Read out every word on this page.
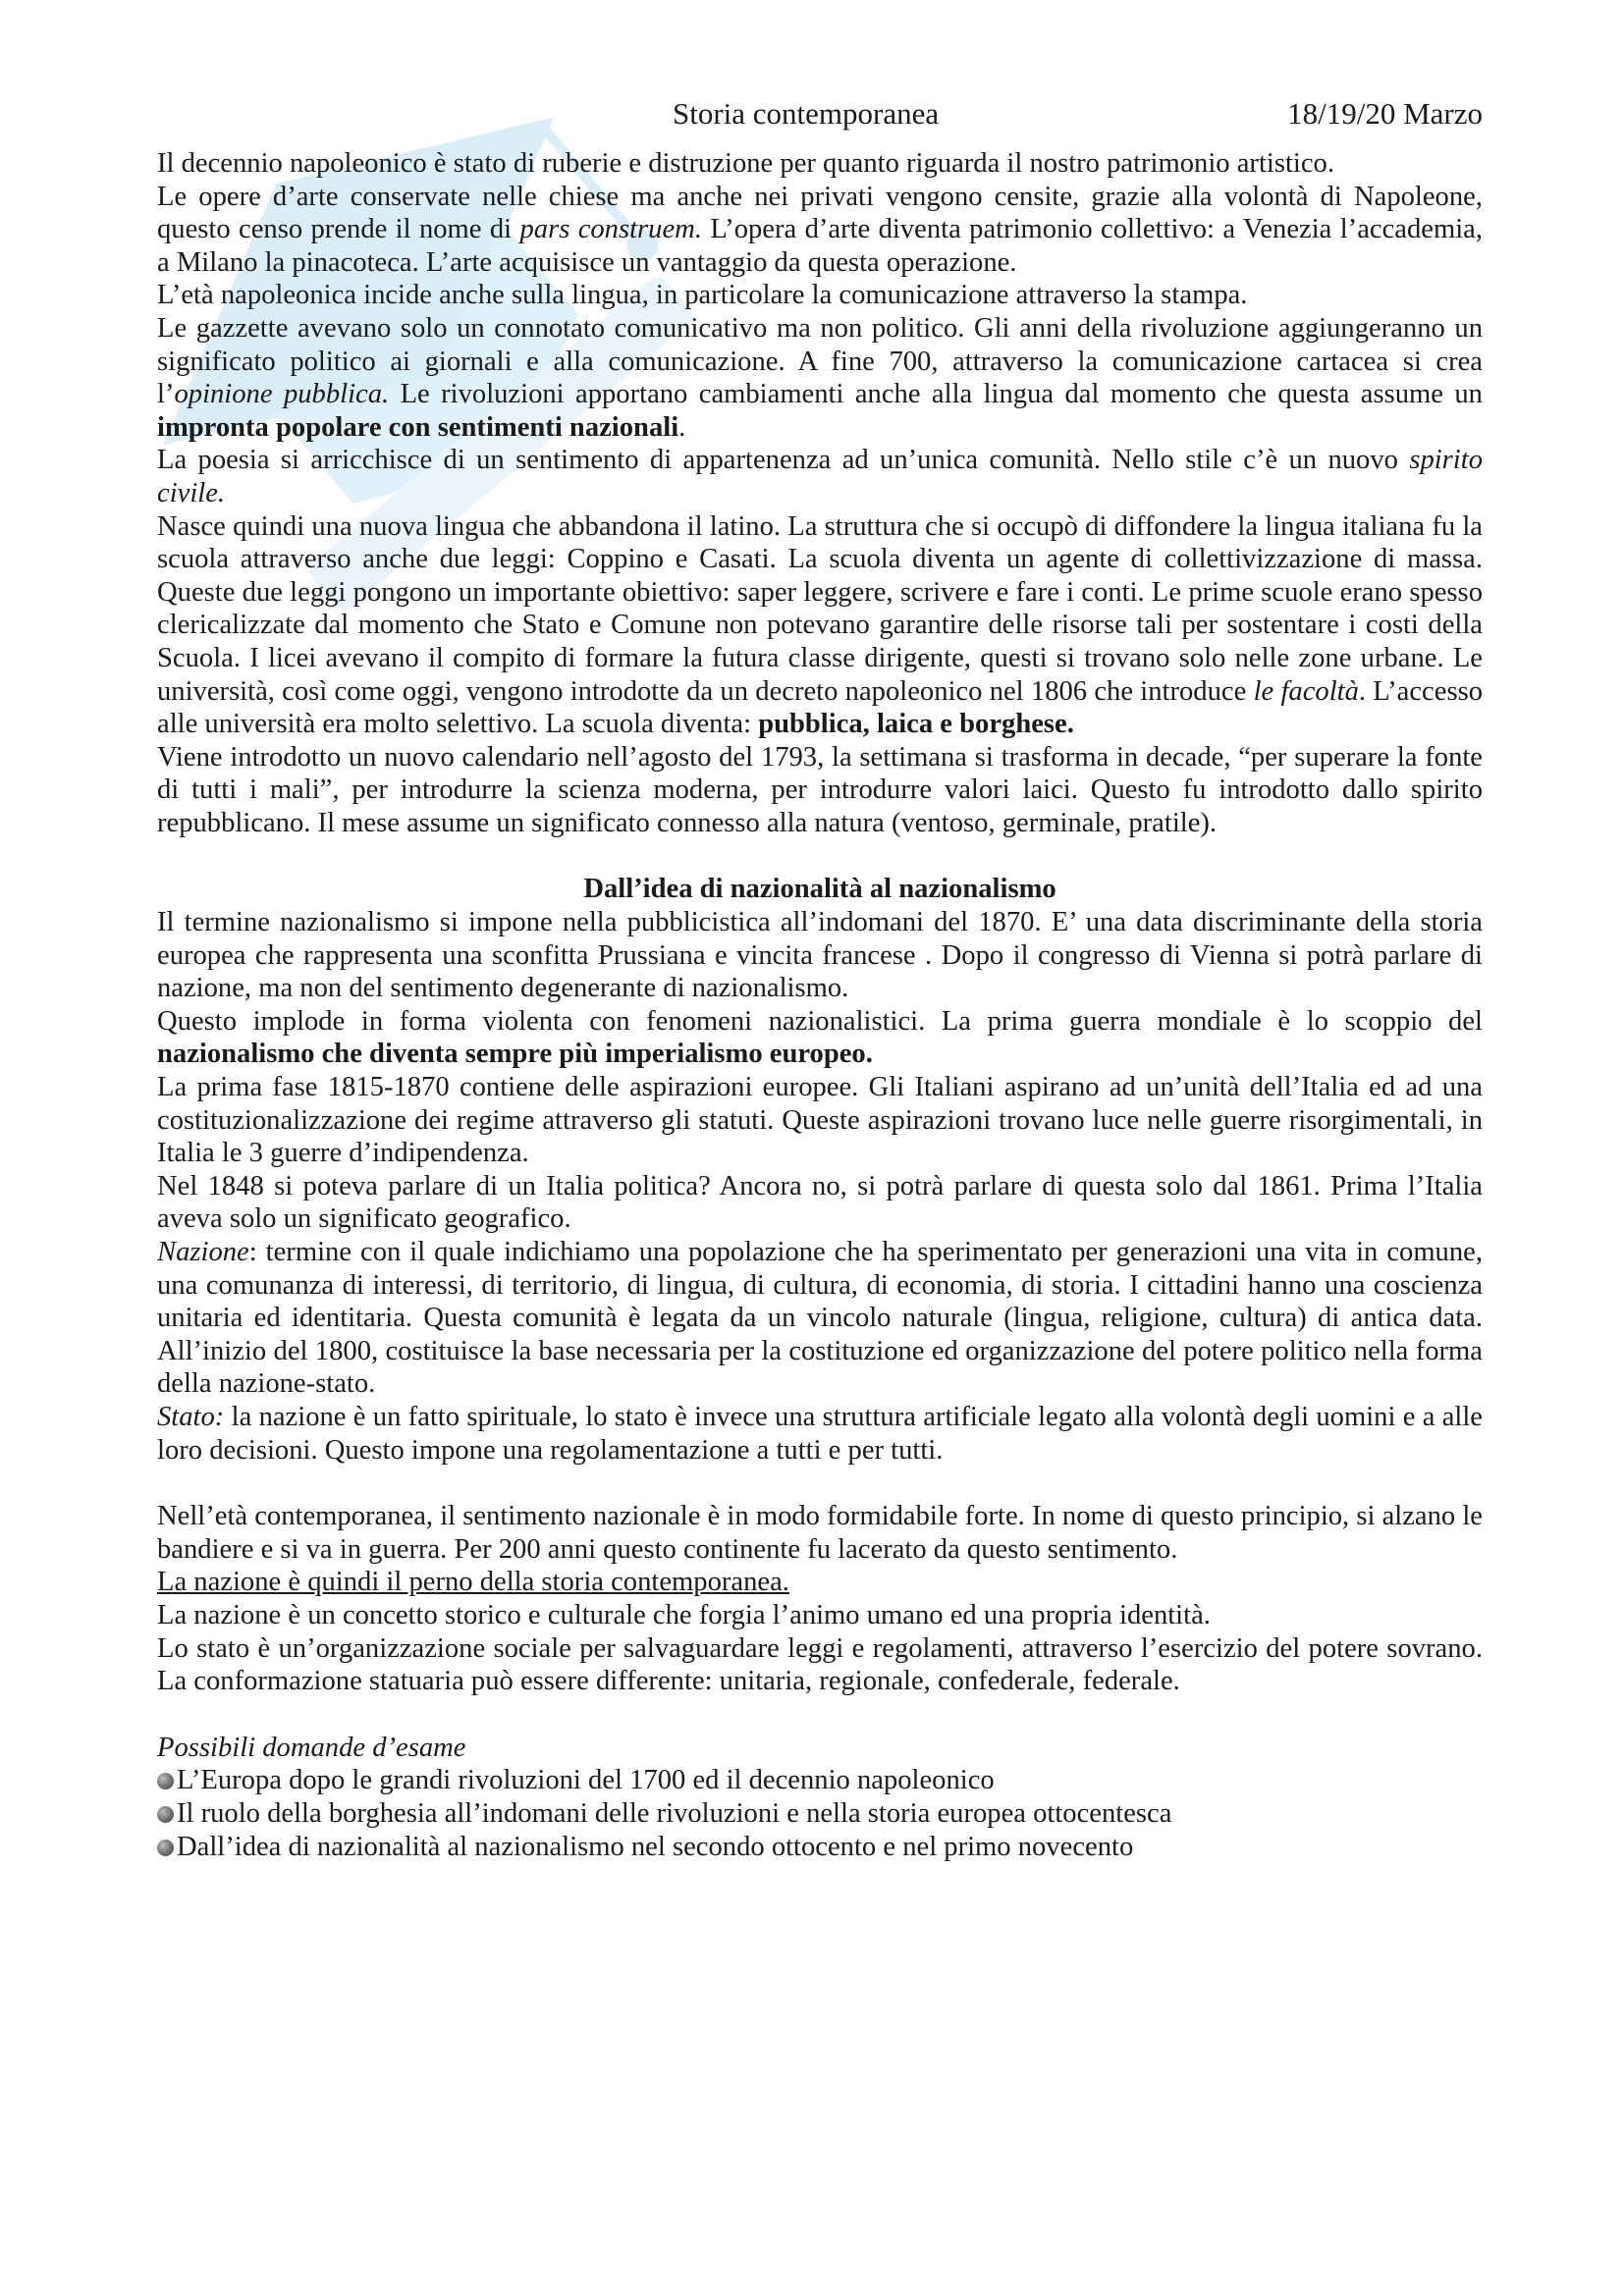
Storia contemporanea	18/19/20 Marzo

Il decennio napoleonico è stato di ruberie e distruzione per quanto riguarda il nostro patrimonio artistico.

Le opere d’arte conservate nelle chiese ma anche nei privati vengono censite, grazie alla volontà di Napoleone, questo censo prende il nome di pars construem. L’opera d’arte diventa patrimonio collettivo: a Venezia l’accademia, a Milano la pinacoteca. L’arte acquisisce un vantaggio da questa operazione.

L’età napoleonica incide anche sulla lingua, in particolare la comunicazione attraverso la stampa.

Le gazzette avevano solo un connotato comunicativo ma non politico. Gli anni della rivoluzione aggiungeranno un significato politico ai giornali e alla comunicazione. A fine 700, attraverso la comunicazione cartacea si crea l’opinione pubblica. Le rivoluzioni apportano cambiamenti anche alla lingua dal momento che questa assume un impronta popolare con sentimenti nazionali.

La poesia si arricchisce di un sentimento di appartenenza ad un’unica comunità. Nello stile c’è un nuovo spirito civile.

Nasce quindi una nuova lingua che abbandona il latino. La struttura che si occupò di diffondere la lingua italiana fu la scuola attraverso anche due leggi: Coppino e Casati. La scuola diventa un agente di collettivizzazione di massa. Queste due leggi pongono un importante obiettivo: saper leggere, scrivere e fare i conti. Le prime scuole erano spesso clericalizzate dal momento che Stato e Comune non potevano garantire delle risorse tali per sostentare i costi della Scuola. I licei avevano il compito di formare la futura classe dirigente, questi si trovano solo nelle zone urbane. Le università, così come oggi, vengono introdotte da un decreto napoleonico nel 1806 che introduce le facoltà. L’accesso alle università era molto selettivo. La scuola diventa: pubblica, laica e borghese.

Viene introdotto un nuovo calendario nell’agosto del 1793, la settimana si trasforma in decade, “per superare la fonte di tutti i mali”, per introdurre la scienza moderna, per introdurre valori laici. Questo fu introdotto dallo spirito repubblicano. Il mese assume un significato connesso alla natura (ventoso, germinale, pratile).

Dall’idea di nazionalità al nazionalismo

Il termine nazionalismo si impone nella pubblicistica all’indomani del 1870. E’ una data discriminante della storia europea che rappresenta una sconfitta Prussiana e vincita francese . Dopo il congresso di Vienna si potrà parlare di nazione, ma non del sentimento degenerante di nazionalismo.

Questo implode in forma violenta con fenomeni nazionalistici. La prima guerra mondiale è lo scoppio del nazionalismo che diventa sempre più imperialismo europeo.

La prima fase 1815-1870 contiene delle aspirazioni europee. Gli Italiani aspirano ad un’unità dell’Italia ed ad una costituzionalizzazione dei regime attraverso gli statuti. Queste aspirazioni trovano luce nelle guerre risorgimentali, in Italia le 3 guerre d’indipendenza.

Nel 1848 si poteva parlare di un Italia politica? Ancora no, si potrà parlare di questa solo dal 1861. Prima l’Italia aveva solo un significato geografico.

Nazione: termine con il quale indichiamo una popolazione che ha sperimentato per generazioni una vita in comune, una comunanza di interessi, di territorio, di lingua, di cultura, di economia, di storia. I cittadini hanno una coscienza unitaria ed identitaria. Questa comunità è legata da un vincolo naturale (lingua, religione, cultura) di antica data. All’inizio del 1800, costituisce la base necessaria per la costituzione ed organizzazione del potere politico nella forma della nazione-stato.

Stato: la nazione è un fatto spirituale, lo stato è invece una struttura artificiale legato alla volontà degli uomini e a alle loro decisioni. Questo impone una regolamentazione a tutti e per tutti.

Nell’età contemporanea, il sentimento nazionale è in modo formidabile forte. In nome di questo principio, si alzano le bandiere e si va in guerra. Per 200 anni questo continente fu lacerato da questo sentimento.

La nazione è quindi il perno della storia contemporanea.

La nazione è un concetto storico e culturale che forgia l’animo umano ed una propria identità.

Lo stato è un’organizzazione sociale per salvaguardare leggi e regolamenti, attraverso l’esercizio del potere sovrano. La conformazione statuaria può essere differente: unitaria, regionale, confederale, federale.

Possibili domande d’esame

L’Europa dopo le grandi rivoluzioni del 1700 ed il decennio napoleonico
Il ruolo della borghesia all’indomani delle rivoluzioni e nella storia europea ottocentesca
Dall’idea di nazionalità al nazionalismo nel secondo ottocento e nel primo novecento
